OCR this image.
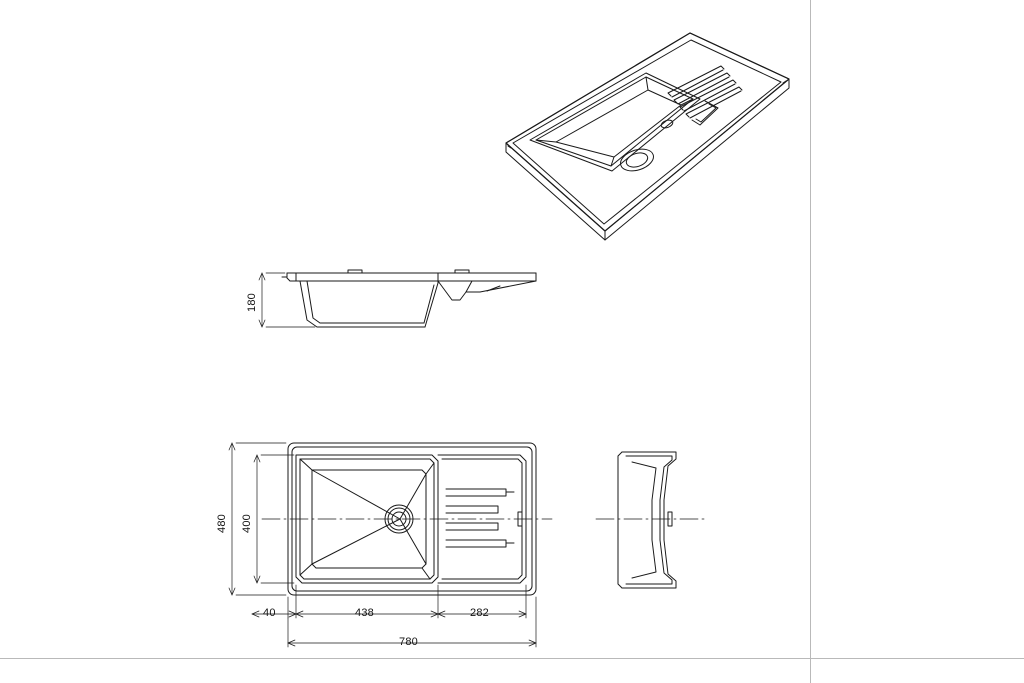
180
480 400
40	438	282
780
